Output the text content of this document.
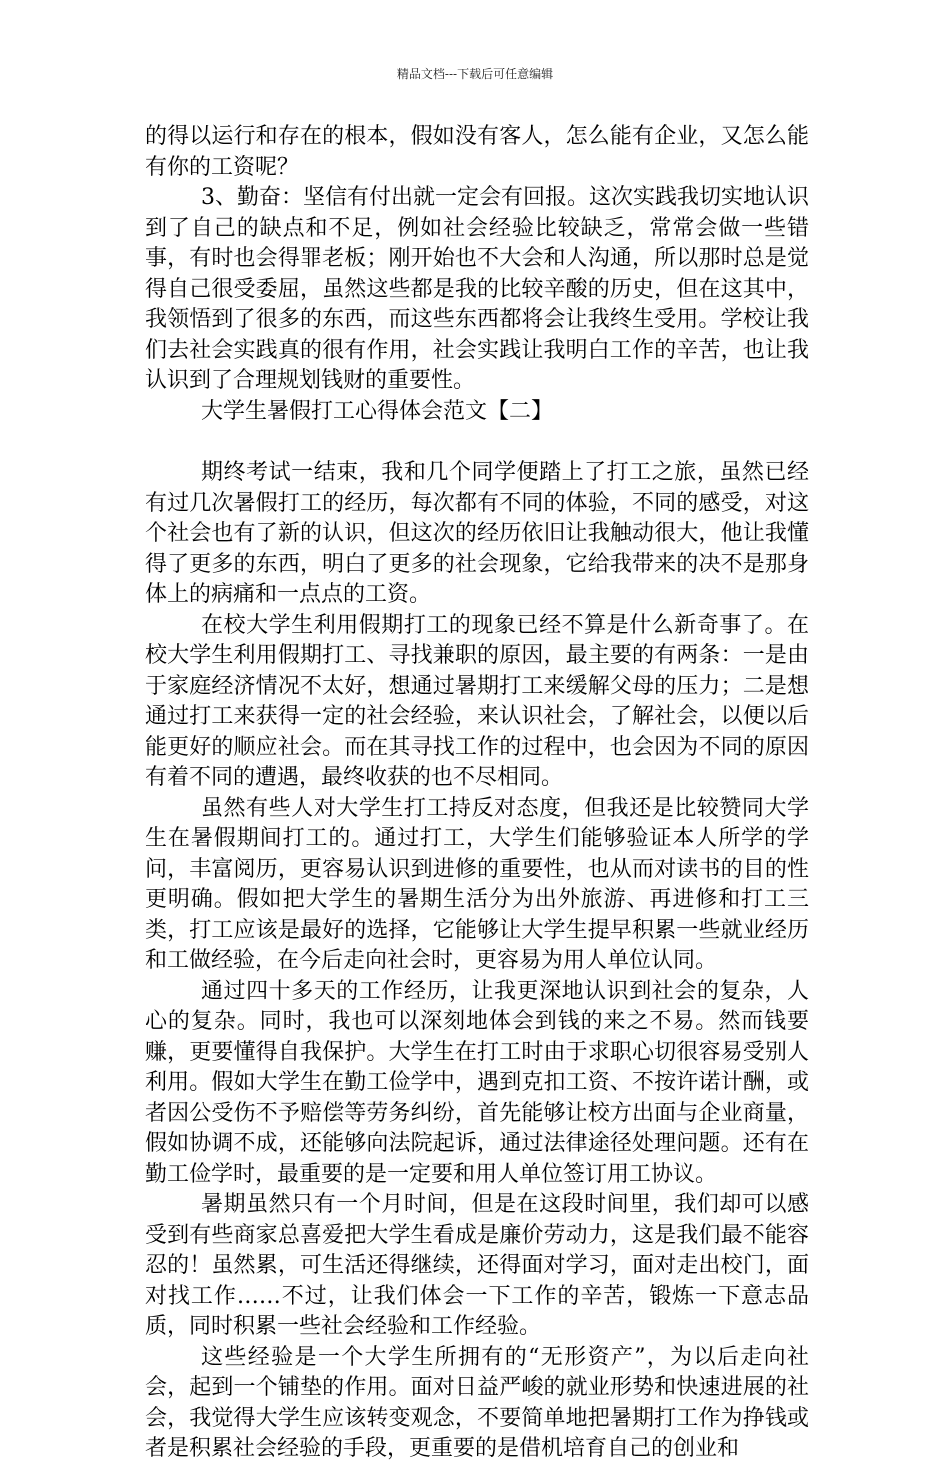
精品文档---下载后可任意编辑

的得以运行和存在的根本，假如没有客人，怎么能有企业，又怎么能有你的工资呢？

3、勤奋：坚信有付出就一定会有回报。这次实践我切实地认识到了自己的缺点和不足，例如社会经验比较缺乏，常常会做一些错事，有时也会得罪老板；刚开始也不大会和人沟通，所以那时总是觉得自己很受委屈，虽然这些都是我的比较辛酸的历史，但在这其中，我领悟到了很多的东西，而这些东西都将会让我终生受用。学校让我们去社会实践真的很有作用，社会实践让我明白工作的辛苦，也让我认识到了合理规划钱财的重要性。

大学生暑假打工心得体会范文【二】

期终考试一结束，我和几个同学便踏上了打工之旅，虽然已经有过几次暑假打工的经历，每次都有不同的体验，不同的感受，对这个社会也有了新的认识，但这次的经历依旧让我触动很大，他让我懂得了更多的东西，明白了更多的社会现象，它给我带来的决不是那身体上的病痛和一点点的工资。

在校大学生利用假期打工的现象已经不算是什么新奇事了。在校大学生利用假期打工、寻找兼职的原因，最主要的有两条：一是由于家庭经济情况不太好，想通过暑期打工来缓解父母的压力；二是想通过打工来获得一定的社会经验，来认识社会，了解社会，以便以后能更好的顺应社会。而在其寻找工作的过程中，也会因为不同的原因有着不同的遭遇，最终收获的也不尽相同。

虽然有些人对大学生打工持反对态度，但我还是比较赞同大学生在暑假期间打工的。通过打工，大学生们能够验证本人所学的学问，丰富阅历，更容易认识到进修的重要性，也从而对读书的目的性更明确。假如把大学生的暑期生活分为出外旅游、再进修和打工三类，打工应该是最好的选择，它能够让大学生提早积累一些就业经历和工做经验，在今后走向社会时，更容易为用人单位认同。

通过四十多天的工作经历，让我更深地认识到社会的复杂，人心的复杂。同时，我也可以深刻地体会到钱的来之不易。然而钱要赚，更要懂得自我保护。大学生在打工时由于求职心切很容易受别人利用。假如大学生在勤工俭学中，遇到克扣工资、不按许诺计酬，或者因公受伤不予赔偿等劳务纠纷，首先能够让校方出面与企业商量，假如协调不成，还能够向法院起诉，通过法律途径处理问题。还有在勤工俭学时，最重要的是一定要和用人单位签订用工协议。

暑期虽然只有一个月时间，但是在这段时间里，我们却可以感受到有些商家总喜爱把大学生看成是廉价劳动力，这是我们最不能容忍的！虽然累，可生活还得继续，还得面对学习，面对走出校门，面对找工作……不过，让我们体会一下工作的辛苦，锻炼一下意志品质，同时积累一些社会经验和工作经验。

这些经验是一个大学生所拥有的“无形资产”，为以后走向社会，起到一个铺垫的作用。面对日益严峻的就业形势和快速进展的社会，我觉得大学生应该转变观念，不要简单地把暑期打工作为挣钱或者是积累社会经验的手段，更重要的是借机培育自己的创业和
